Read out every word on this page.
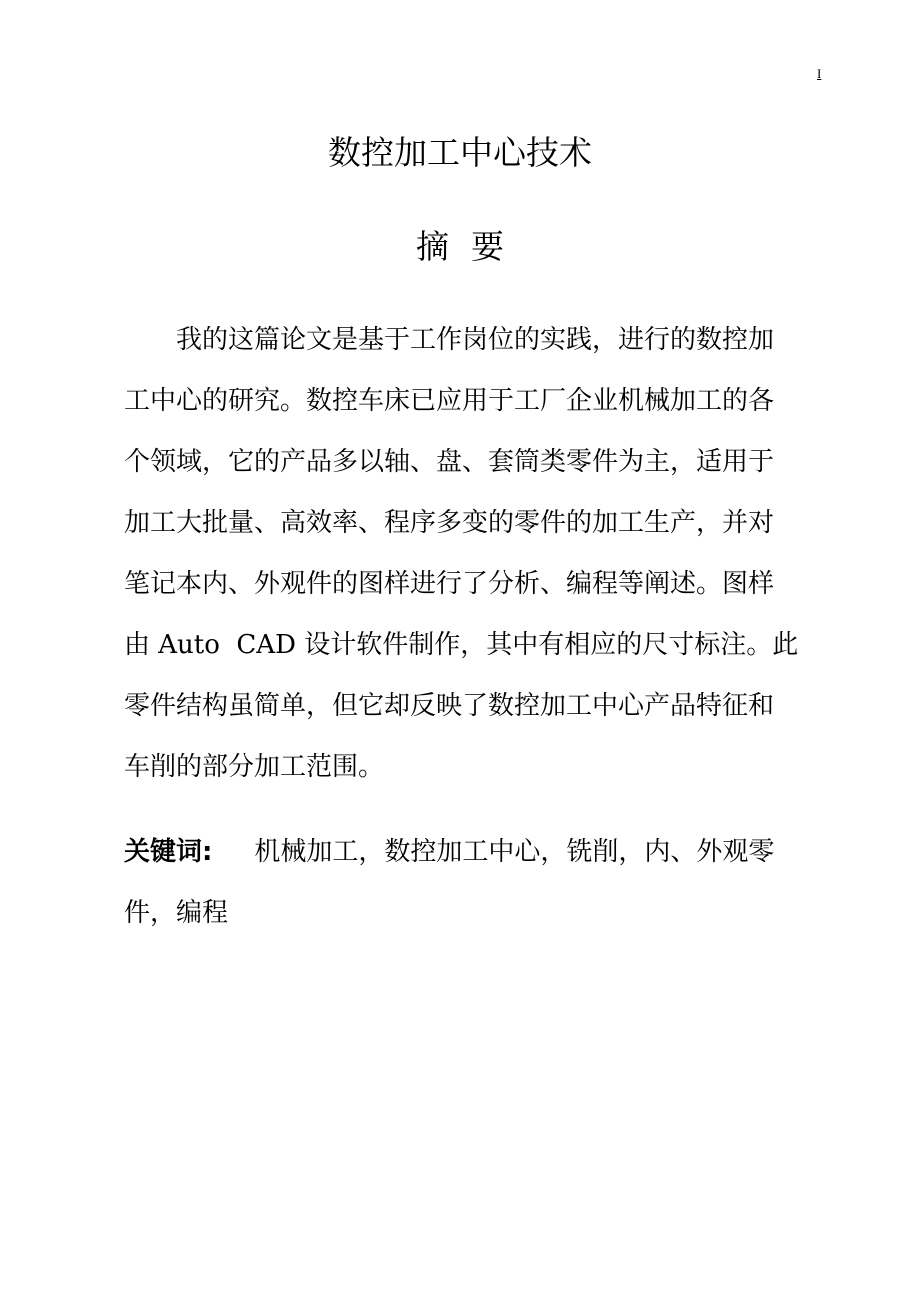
I
数控加工中心技术
摘要
我的这篇论文是基于工作岗位的实践，进行的数控加
工中心的研究。数控车床已应用于工厂企业机械加工的各
个领域，它的产品多以轴、盘、套筒类零件为主，适用于
加工大批量、高效率、程序多变的零件的加工生产，并对
笔记本内、外观件的图样进行了分析、编程等阐述。图样
由 Auto  CAD 设计软件制作，其中有相应的尺寸标注。此
零件结构虽简单，但它却反映了数控加工中心产品特征和
车削的部分加工范围。
关键词: 机械加工，数控加工中心，铣削，内、外观零件，编程
